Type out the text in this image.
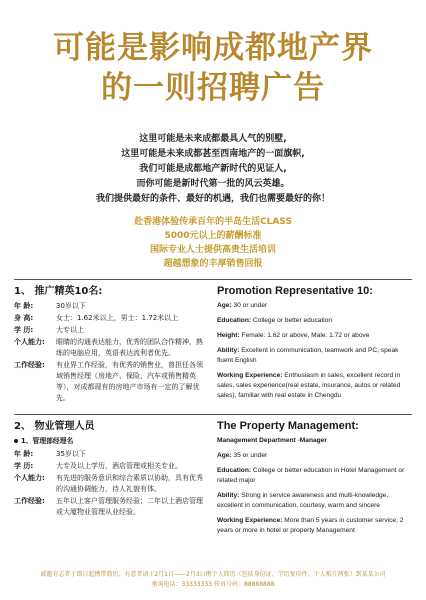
可能是影响成都地产界
的一则招聘广告
这里可能是未来成都最具人气的别墅,
这里可能是未来成都甚至西南地产的一面旗帜,
我们可能是成都地产新时代的见证人,
而你可能是新时代第一批的风云英雄。
我们提供最好的条件、最好的机遇，我们也需要最好的你！
赴香港体验传承百年的半岛生活CLASS
5000元以上的薪酬标准
国际专业人士提供高贵生活培训
超越想象的丰厚销售回报
1、 推广精英10名:
年 龄:	30岁以下
身 高:	女士：1.62米以上，男士：1.72米以上
学 历:	大专以上
个人能力:	眼睛的沟通表达能力，优秀的团队合作精神，熟练的电脑应用，英语表达流利者优先。
工作经验:	有业界工作经验，有优秀的销售业，曾担任各领域销售经理（房地产、保险、汽车或销售精英等），对成都现有的房地产市场有一定的了解优先。
Promotion Representative 10:
Age: 30 or under
Education: College or better education
Height: Female: 1.62 or above, Male: 1.72 or above
Ability: Excellent in communication, teamwork and PC, speak fluent English
Working Experience: Enthusiasm in sales, excellent record in sales, sales experience(real estate, insurance, autos or related sales), familiar with real estate in Chengdu
2、 物业管理人员
1、管理部经理名
年 龄:	35岁以下
学 历:	大专及以上学历，酒店管理或相关专业。
个人能力:	有先进的服务意识和综合素质以协助，具有优秀的沟通协调能力，待人礼貌有体。
工作经验:	五年以上客户管理服务经验；二年以上酒店管理或大厦物业管理从业经验。
The Property Management:
Management Department -Manager
Age: 35 or under
Education: College or better education in Hotel Management or related major
Ability: Strong in service awareness and multi-knowledge, excellent in communication, courtesy, warm and sincere
Working Experience: More than 5 years in customer service, 2 years or more in hotel or property Management
诚邀有志者于即日起携带简历，有意者请于2月1日——2月3日携个人简历（包括身份证、学历复印件、个人相片两张）到某某公司
垂询电话：33333333 传真号码：88888888
